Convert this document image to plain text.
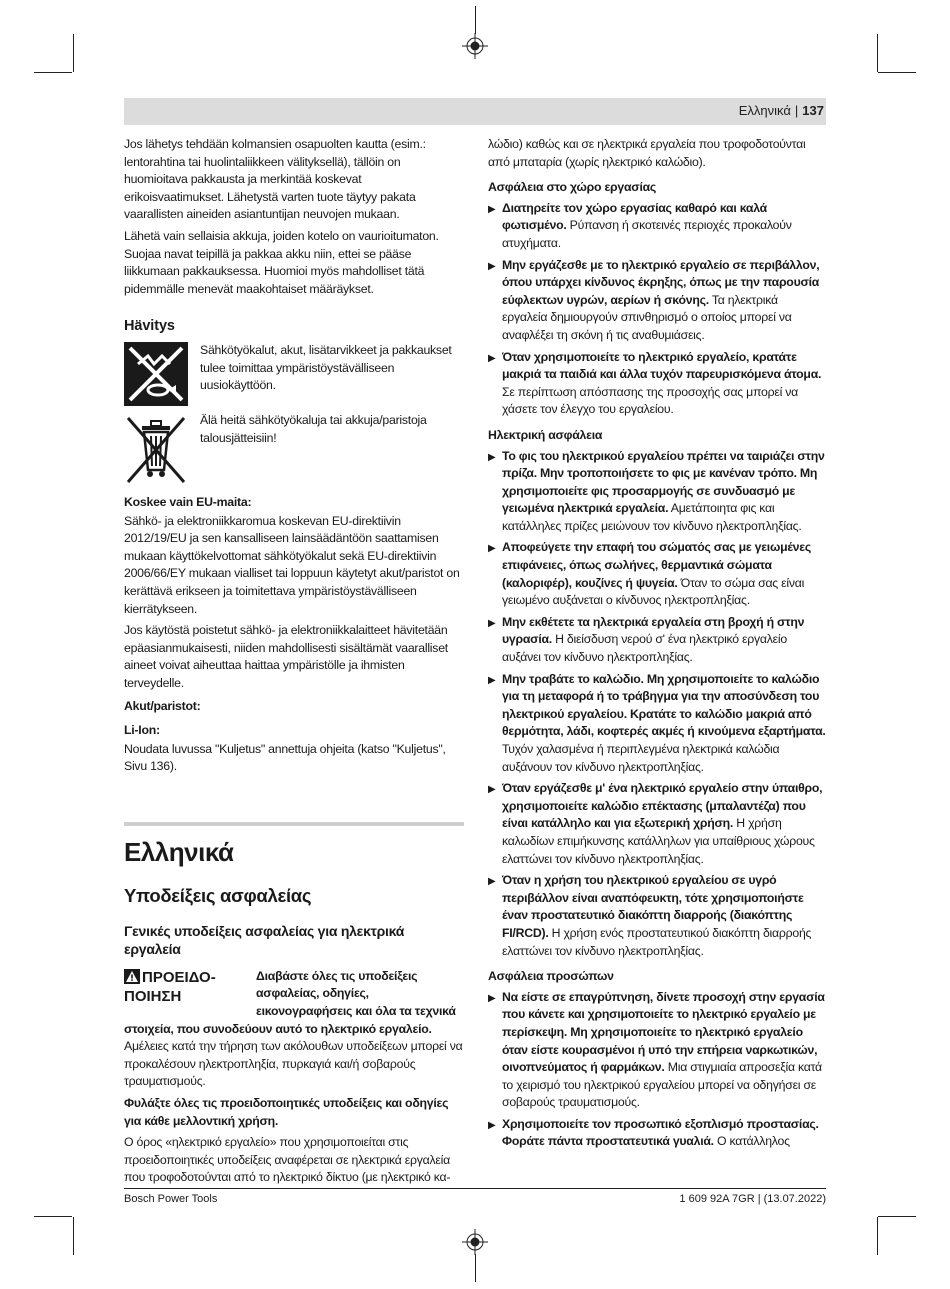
Ελληνικά | 137

Jos lähetys tehdään kolmansien osapuolten kautta (esim.: lentorahtina tai huolintaliikkeen välityksellä), tällöin on huomioitava pakkausta ja merkintää koskevat erikoisvaatimukset. Lähetystä varten tuote täytyy pakata vaarallisten aineiden asiantuntijan neuvojen mukaan.

Lähetä vain sellaisia akkuja, joiden kotelo on vaurioitumaton. Suojaa navat teipillä ja pakkaa akku niin, ettei se pääse liikkumaan pakkauksessa. Huomioi myös mahdolliset tätä pidemmälle menevät maakohtaiset määräykset.

Hävitys
Sähkötyökalut, akut, lisätarvikkeet ja pakkaukset tulee toimittaa ympäristöystävälliseen uusiokäyttöön.
Älä heitä sähkötyökaluja tai akkuja/paristoja talousjätteisiin!
Koskee vain EU-maita:

Sähkö- ja elektroniikkaromua koskevan EU-direktiivin 2012/19/EU ja sen kansalliseen lainsäädäntöön saattamisen mukaan käyttökelvottomat sähkötyökalut sekä EU-direktiivin 2006/66/EY mukaan vialliset tai loppuun käytetyt akut/paristot on kerättävä erikseen ja toimitettava ympäristöystävälliseen kierrätykseen.

Jos käytöstä poistetut sähkö- ja elektroniikkalaitteet hävitetään epäasianmukaisesti, niiden mahdollisesti sisältämät vaaralliset aineet voivat aiheuttaa haittaa ympäristölle ja ihmisten terveydelle.

Akut/paristot:
Li-Ion:

Noudata luvussa "Kuljetus" annettuja ohjeita (katso "Kuljetus", Sivu 136).

Ελληνικά
Υποδείξεις ασφαλείας
Γενικές υποδείξεις ασφαλείας για ηλεκτρικά εργαλεία
ΠΡΟΕΙΔΟ-ΠΟΙΗΣΗ

Διαβάστε όλες τις υποδείξεις ασφαλείας, οδηγίες, εικονογραφήσεις και όλα τα τεχνικά στοιχεία, που συνοδεύουν αυτό το ηλεκτρικό εργαλείο. Αμέλειες κατά την τήρηση των ακόλουθων υποδείξεων μπορεί να προκαλέσουν ηλεκτροπληξία, πυρκαγιά και/ή σοβαρούς τραυματισμούς.

Φυλάξτε όλες τις προειδοποιητικές υποδείξεις και οδηγίες για κάθε μελλοντική χρήση.

Ο όρος «ηλεκτρικό εργαλείο» που χρησιμοποιείται στις προειδοποιητικές υποδείξεις αναφέρεται σε ηλεκτρικά εργαλεία που τροφοδοτούνται από το ηλεκτρικό δίκτυο (με ηλεκτρικό κα-

λώδιο) καθώς και σε ηλεκτρικά εργαλεία που τροφοδοτούνται από μπαταρία (χωρίς ηλεκτρικό καλώδιο).

Ασφάλεια στο χώρο εργασίας
▶ Διατηρείτε τον χώρο εργασίας καθαρό και καλά φωτισμένο. Ρύπανση ή σκοτεινές περιοχές προκαλούν ατυχήματα.
▶ Μην εργάζεσθε με το ηλεκτρικό εργαλείο σε περιβάλλον, όπου υπάρχει κίνδυνος έκρηξης, όπως με την παρουσία εύφλεκτων υγρών, αερίων ή σκόνης. Τα ηλεκτρικά εργαλεία δημιουργούν σπινθηρισμό ο οποίος μπορεί να αναφλέξει τη σκόνη ή τις αναθυμιάσεις.
▶ Όταν χρησιμοποιείτε το ηλεκτρικό εργαλείο, κρατάτε μακριά τα παιδιά και άλλα τυχόν παρευρισκόμενα άτομα. Σε περίπτωση απόσπασης της προσοχής σας μπορεί να χάσετε τον έλεγχο του εργαλείου.
Ηλεκτρική ασφάλεια
▶ Το φις του ηλεκτρικού εργαλείου πρέπει να ταιριάζει στην πρίζα. Μην τροποποιήσετε το φις με κανέναν τρόπο. Μη χρησιμοποιείτε φις προσαρμογής σε συνδυασμό με γειωμένα ηλεκτρικά εργαλεία. Αμετάποιητα φις και κατάλληλες πρίζες μειώνουν τον κίνδυνο ηλεκτροπληξίας.
▶ Αποφεύγετε την επαφή του σώματός σας με γειωμένες επιφάνειες, όπως σωλήνες, θερμαντικά σώματα (καλοριφέρ), κουζίνες ή ψυγεία. Όταν το σώμα σας είναι γειωμένο αυξάνεται ο κίνδυνος ηλεκτροπληξίας.
▶ Μην εκθέτετε τα ηλεκτρικά εργαλεία στη βροχή ή στην υγρασία. Η διείσδυση νερού σ' ένα ηλεκτρικό εργαλείο αυξάνει τον κίνδυνο ηλεκτροπληξίας.
▶ Μην τραβάτε το καλώδιο. Μη χρησιμοποιείτε το καλώδιο για τη μεταφορά ή το τράβηγμα για την αποσύνδεση του ηλεκτρικού εργαλείου. Κρατάτε το καλώδιο μακριά από θερμότητα, λάδι, κοφτερές ακμές ή κινούμενα εξαρτήματα. Τυχόν χαλασμένα ή περιπλεγμένα ηλεκτρικά καλώδια αυξάνουν τον κίνδυνο ηλεκτροπληξίας.
▶ Όταν εργάζεσθε μ' ένα ηλεκτρικό εργαλείο στην ύπαιθρο, χρησιμοποιείτε καλώδιο επέκτασης (μπαλαντέζα) που είναι κατάλληλο και για εξωτερική χρήση. Η χρήση καλωδίων επιμήκυνσης κατάλληλων για υπαίθριους χώρους ελαττώνει τον κίνδυνο ηλεκτροπληξίας.
▶ Όταν η χρήση του ηλεκτρικού εργαλείου σε υγρό περιβάλλον είναι αναπόφευκτη, τότε χρησιμοποιήστε έναν προστατευτικό διακόπτη διαρροής (διακόπτης FI/RCD). Η χρήση ενός προστατευτικού διακόπτη διαρροής ελαττώνει τον κίνδυνο ηλεκτροπληξίας.
Ασφάλεια προσώπων
▶ Να είστε σε επαγρύπνηση, δίνετε προσοχή στην εργασία που κάνετε και χρησιμοποιείτε το ηλεκτρικό εργαλείο με περίσκεψη. Μη χρησιμοποιείτε το ηλεκτρικό εργαλείο όταν είστε κουρασμένοι ή υπό την επήρεια ναρκωτικών, οινοπνεύματος ή φαρμάκων. Μια στιγμιαία απροσεξία κατά το χειρισμό του ηλεκτρικού εργαλείου μπορεί να οδηγήσει σε σοβαρούς τραυματισμούς.
▶ Χρησιμοποιείτε τον προσωπικό εξοπλισμό προστασίας. Φοράτε πάντα προστατευτικά γυαλιά. Ο κατάλληλος
Bosch Power Tools	1 609 92A 7GR | (13.07.2022)
